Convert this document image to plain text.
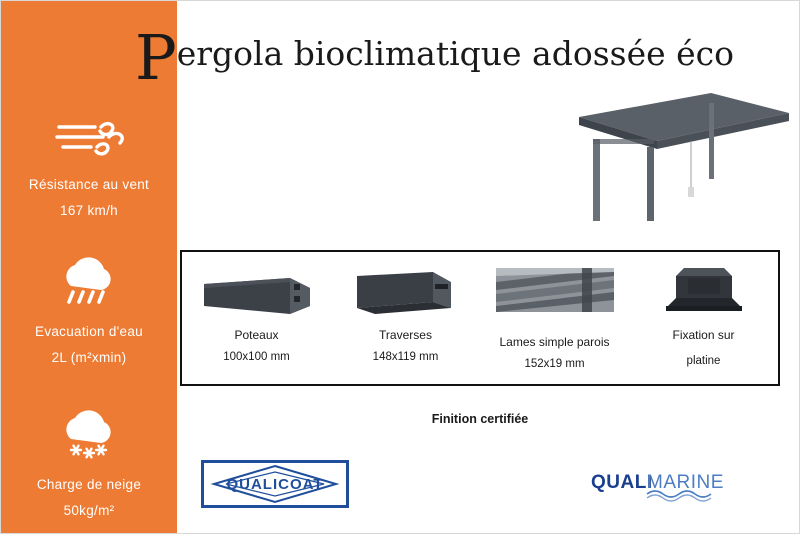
Résistance au vent
167 km/h
Evacuation d'eau
2L (m²xmin)
Charge de neige
50kg/m²
Pergola bioclimatique adossée éco
Poteaux
100x100 mm
Traverses
148x119 mm
Lames simple parois
152x19 mm
Fixation sur
platine
Finition certifiée
QUALICOAT	QUALI
MARINE
